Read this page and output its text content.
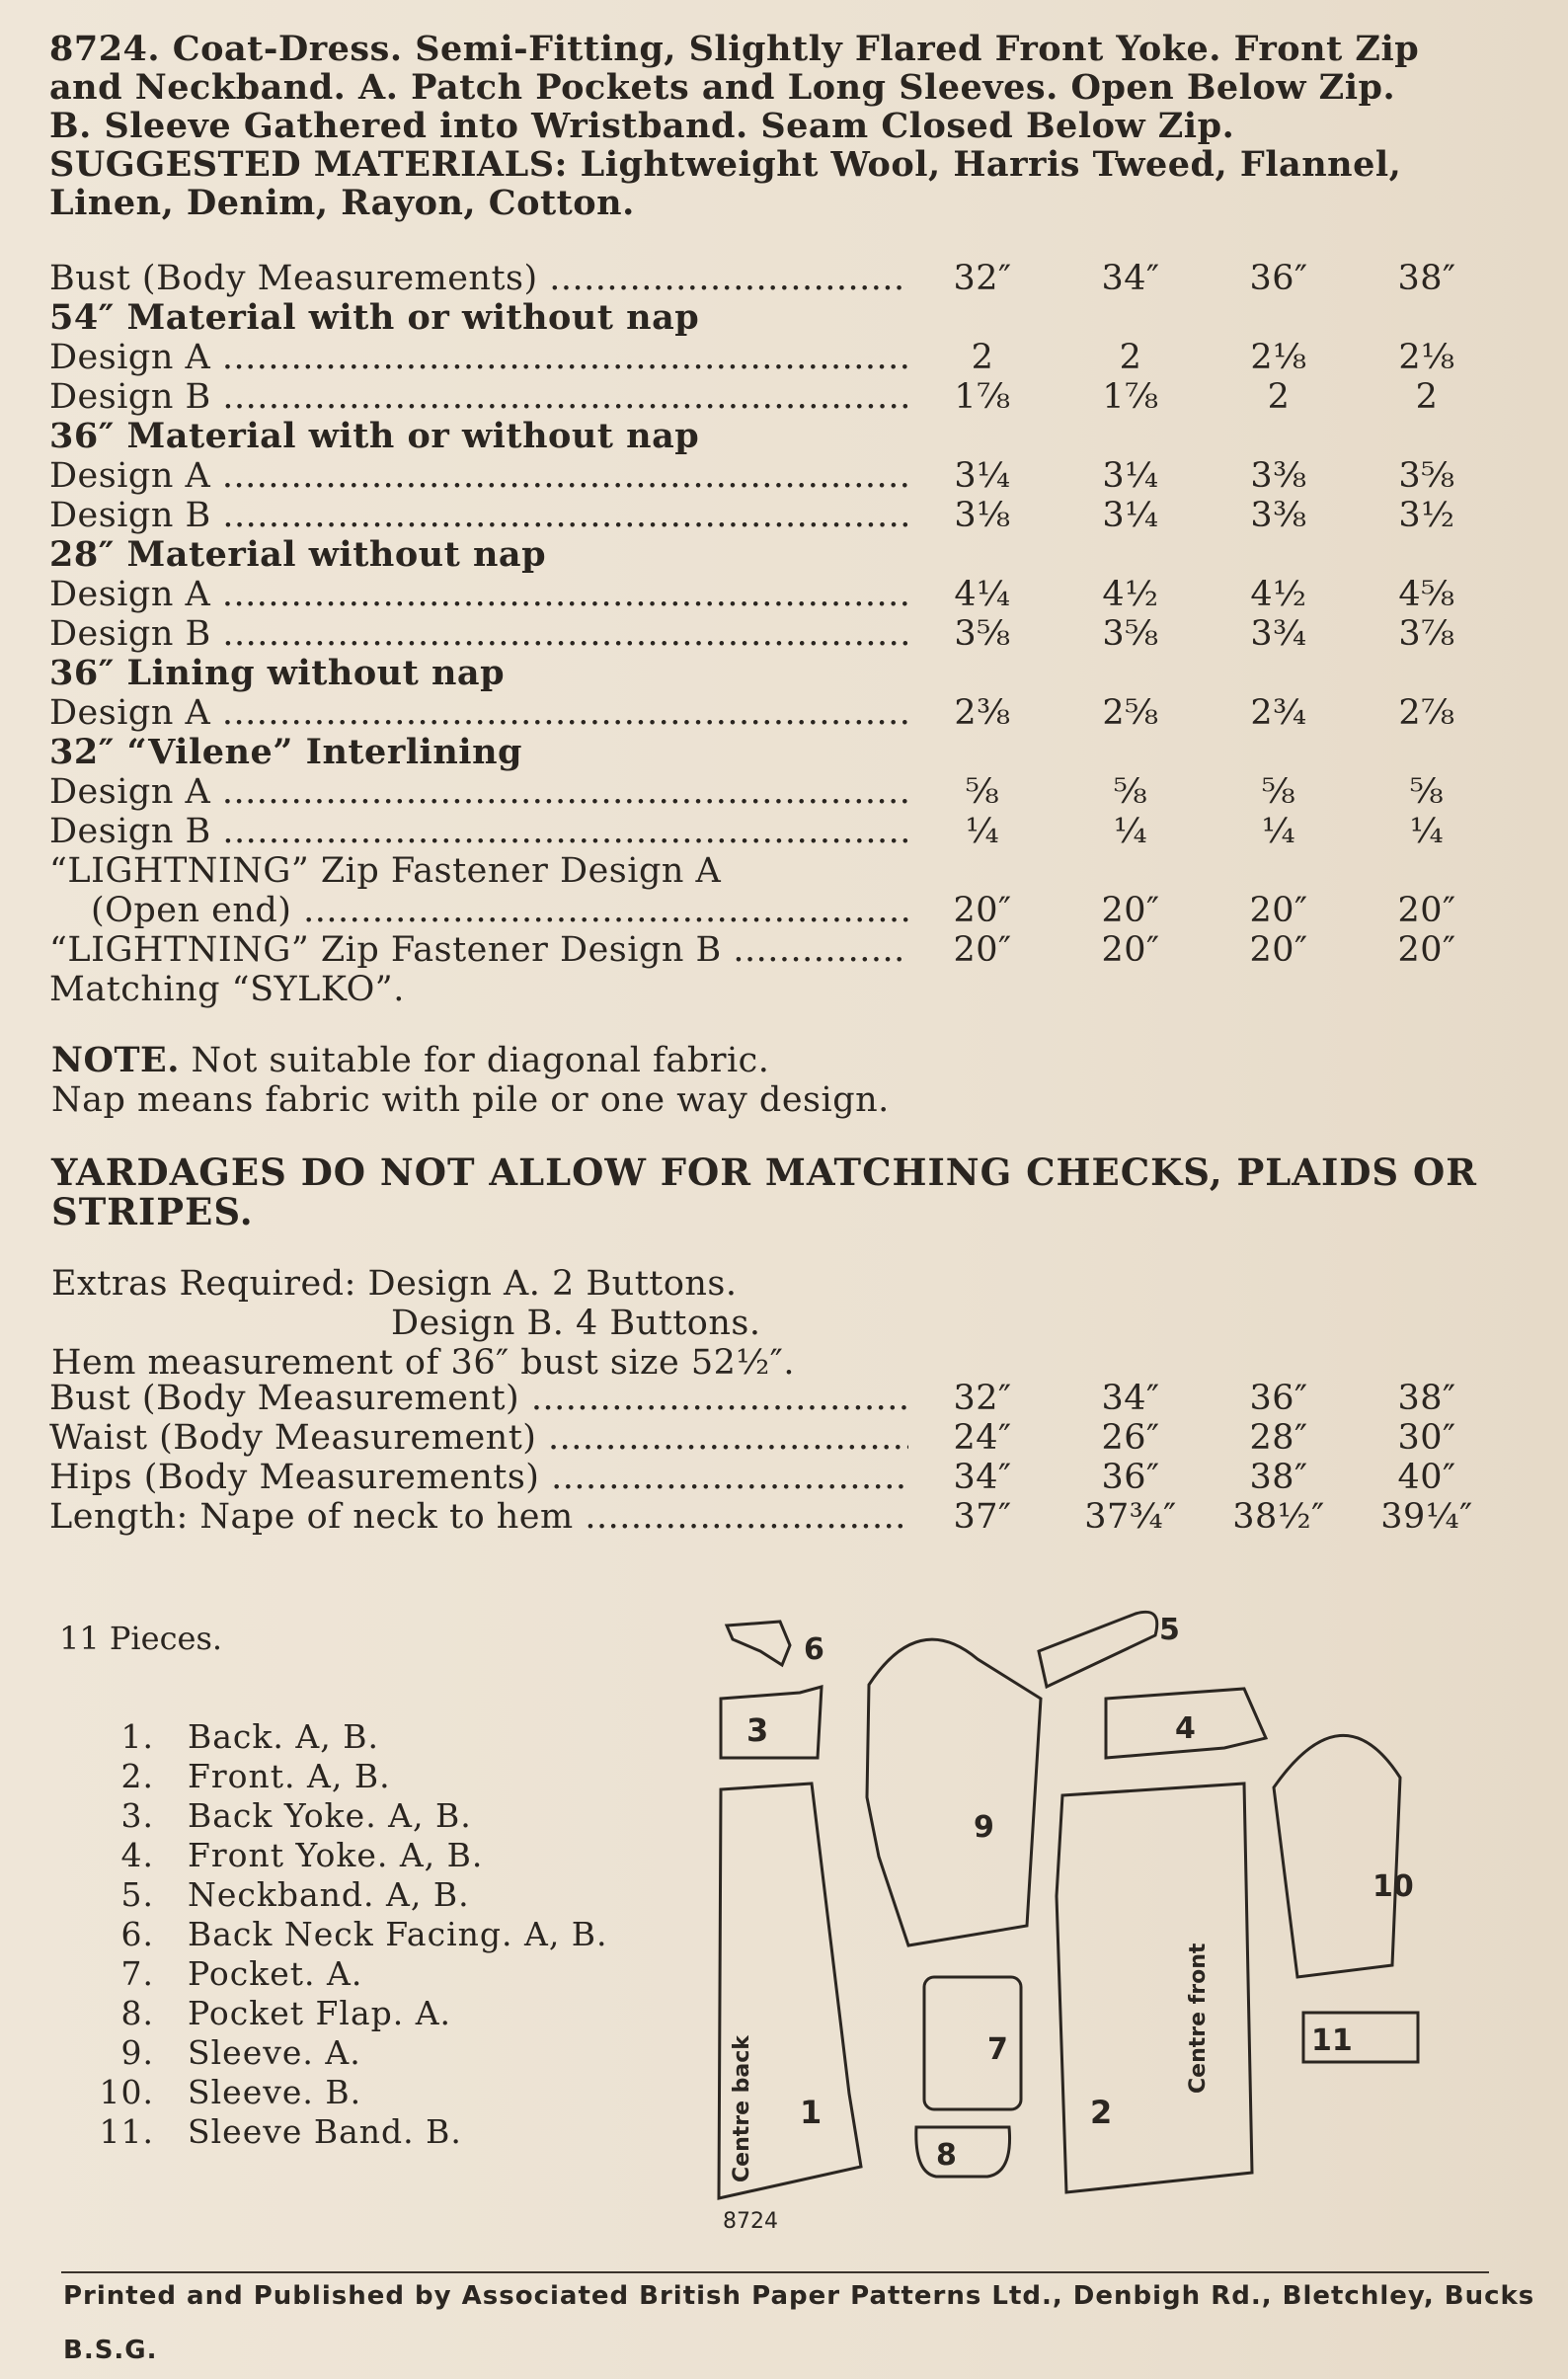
8724. Coat-Dress. Semi-Fitting, Slightly Flared Front Yoke. Front Zip

and Neckband. A. Patch Pockets and Long Sleeves. Open Below Zip.

B. Sleeve Gathered into Wristband. Seam Closed Below Zip.

SUGGESTED MATERIALS: Lightweight Wool, Harris Tweed, Flannel,

Linen, Denim, Rayon, Cotton.

Bust (Body Measurements) .....	32″	34″	36″	38″
54″ Material with or without nap
Design A .....	2	2	2⅛	2⅛
Design B .....	1⅞	1⅞	2	2
36″ Material with or without nap
Design A .....	3¼	3¼	3⅜	3⅝
Design B .....	3⅛	3¼	3⅜	3½
28″ Material without nap
Design A .....	4¼	4½	4½	4⅝
Design B .....	3⅝	3⅝	3¾	3⅞
36″ Lining without nap
Design A .....	2⅜	2⅝	2¾	2⅞
32″ “Vilene” Interlining
Design A .....	⅝	⅝	⅝	⅝
Design B .....	¼	¼	¼	¼
“LIGHTNING” Zip Fastener Design A
(Open end) .....	20″	20″	20″	20″
“LIGHTNING” Zip Fastener Design B .....	20″	20″	20″	20″
Matching “SYLKO”.
NOTE. Not suitable for diagonal fabric.
Nap means fabric with pile or one way design.

YARDAGES DO NOT ALLOW FOR MATCHING CHECKS, PLAIDS OR STRIPES.

Extras Required: Design A. 2 Buttons.
Design B. 4 Buttons.
Hem measurement of 36″ bust size 52½″.
Bust (Body Measurement) .....	32″	34″	36″	38″
Waist (Body Measurement) .....	24″	26″	28″	30″
Hips (Body Measurements) .....	34″	36″	38″	40″
Length: Nape of neck to hem .....	37″	37¾″	38½″	39¼″
11 Pieces.
1.	Back. A, B.
2.	Front. A, B.
3.	Back Yoke. A, B.
4.	Front Yoke. A, B.
5.	Neckband. A, B.
6.	Back Neck Facing. A, B.
7.	Pocket. A.
8.	Pocket Flap. A.
9.	Sleeve. A.
10.	Sleeve. B.
11.	Sleeve Band. B.
6
3
Centre back 1
8724
9
5
4
Centre front
2
7
8
10
11

Printed and Published by Associated British Paper Patterns Ltd., Denbigh Rd., Bletchley, Bucks

B.S.G.
